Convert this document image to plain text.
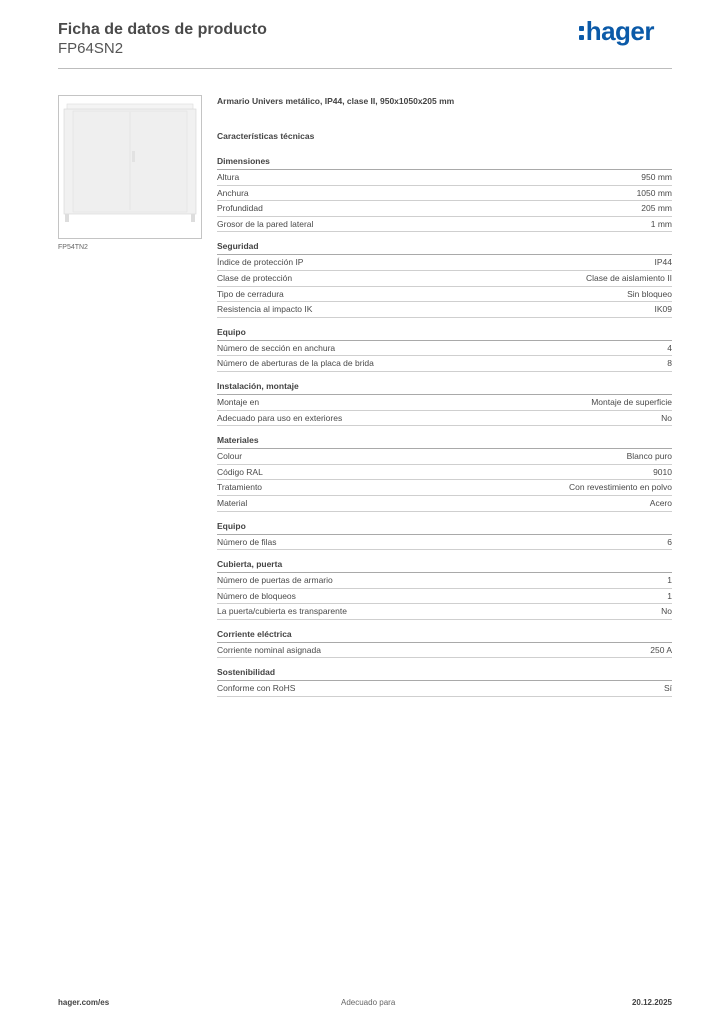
Ficha de datos de producto
FP64SN2
hager
FP54TN2
Armario Univers metálico, IP44, clase II, 950x1050x205 mm
Características técnicas
Dimensiones
Altura	950 mm
Anchura	1050 mm
Profundidad	205 mm
Grosor de la pared lateral	1 mm
Seguridad
Índice de protección IP	IP44
Clase de protección	Clase de aislamiento II
Tipo de cerradura	Sin bloqueo
Resistencia al impacto IK	IK09
Equipo
Número de sección en anchura	4
Número de aberturas de la placa de brida	8
Instalación, montaje
Montaje en	Montaje de superficie
Adecuado para uso en exteriores	No
Materiales
Colour	Blanco puro
Código RAL	9010
Tratamiento	Con revestimiento en polvo
Material	Acero
Equipo
Número de filas	6
Cubierta, puerta
Número de puertas de armario	1
Número de bloqueos	1
La puerta/cubierta es transparente	No
Corriente eléctrica
Corriente nominal asignada	250 A
Sostenibilidad
Conforme con RoHS	Sí
hager.com/es	Adecuado para	20.12.2025
